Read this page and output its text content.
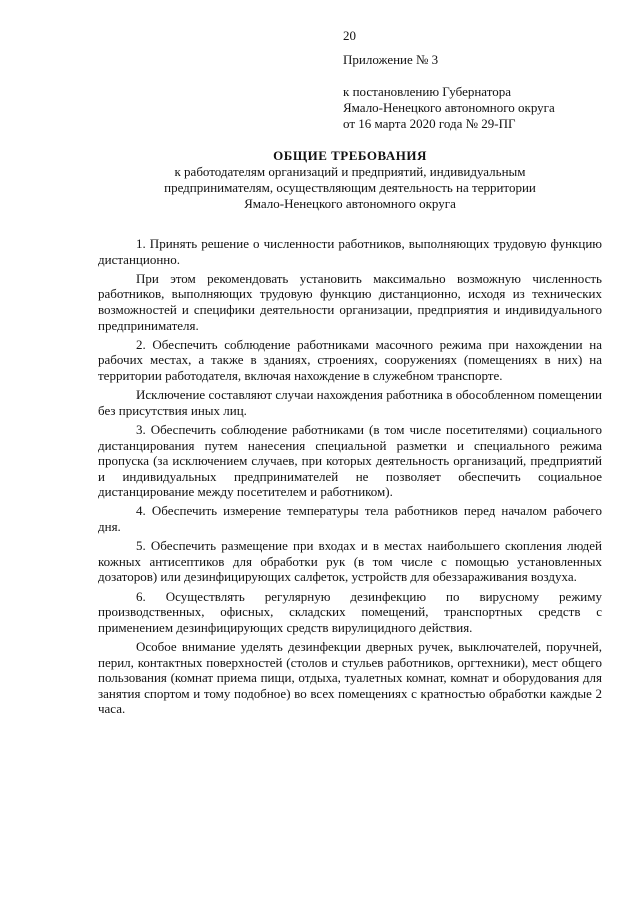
20
Приложение № 3
к постановлению Губернатора
Ямало-Ненецкого автономного округа
от 16 марта 2020 года № 29-ПГ
ОБЩИЕ ТРЕБОВАНИЯ
к работодателям организаций и предприятий, индивидуальным
предпринимателям, осуществляющим деятельность на территории
Ямало-Ненецкого автономного округа

1. Принять решение о численности работников, выполняющих трудовую функцию дистанционно.

При этом рекомендовать установить максимально возможную численность работников, выполняющих трудовую функцию дистанционно, исходя из технических возможностей и специфики деятельности организации, предприятия и индивидуального предпринимателя.

2. Обеспечить соблюдение работниками масочного режима при нахождении на рабочих местах, а также в зданиях, строениях, сооружениях (помещениях в них) на территории работодателя, включая нахождение в служебном транспорте.

Исключение составляют случаи нахождения работника в обособленном помещении без присутствия иных лиц.

3. Обеспечить соблюдение работниками (в том числе посетителями) социального дистанцирования путем нанесения специальной разметки и специального режима пропуска (за исключением случаев, при которых деятельность организаций, предприятий и индивидуальных предпринимателей не позволяет обеспечить социальное дистанцирование между посетителем и работником).

4. Обеспечить измерение температуры тела работников перед началом рабочего дня.

5. Обеспечить размещение при входах и в местах наибольшего скопления людей кожных антисептиков для обработки рук (в том числе с помощью установленных дозаторов) или дезинфицирующих салфеток, устройств для обеззараживания воздуха.

6. Осуществлять регулярную дезинфекцию по вирусному режиму производственных, офисных, складских помещений, транспортных средств с применением дезинфицирующих средств вирулицидного действия.

Особое внимание уделять дезинфекции дверных ручек, выключателей, поручней, перил, контактных поверхностей (столов и стульев работников, оргтехники), мест общего пользования (комнат приема пищи, отдыха, туалетных комнат, комнат и оборудования для занятия спортом и тому подобное) во всех помещениях с кратностью обработки каждые 2 часа.
